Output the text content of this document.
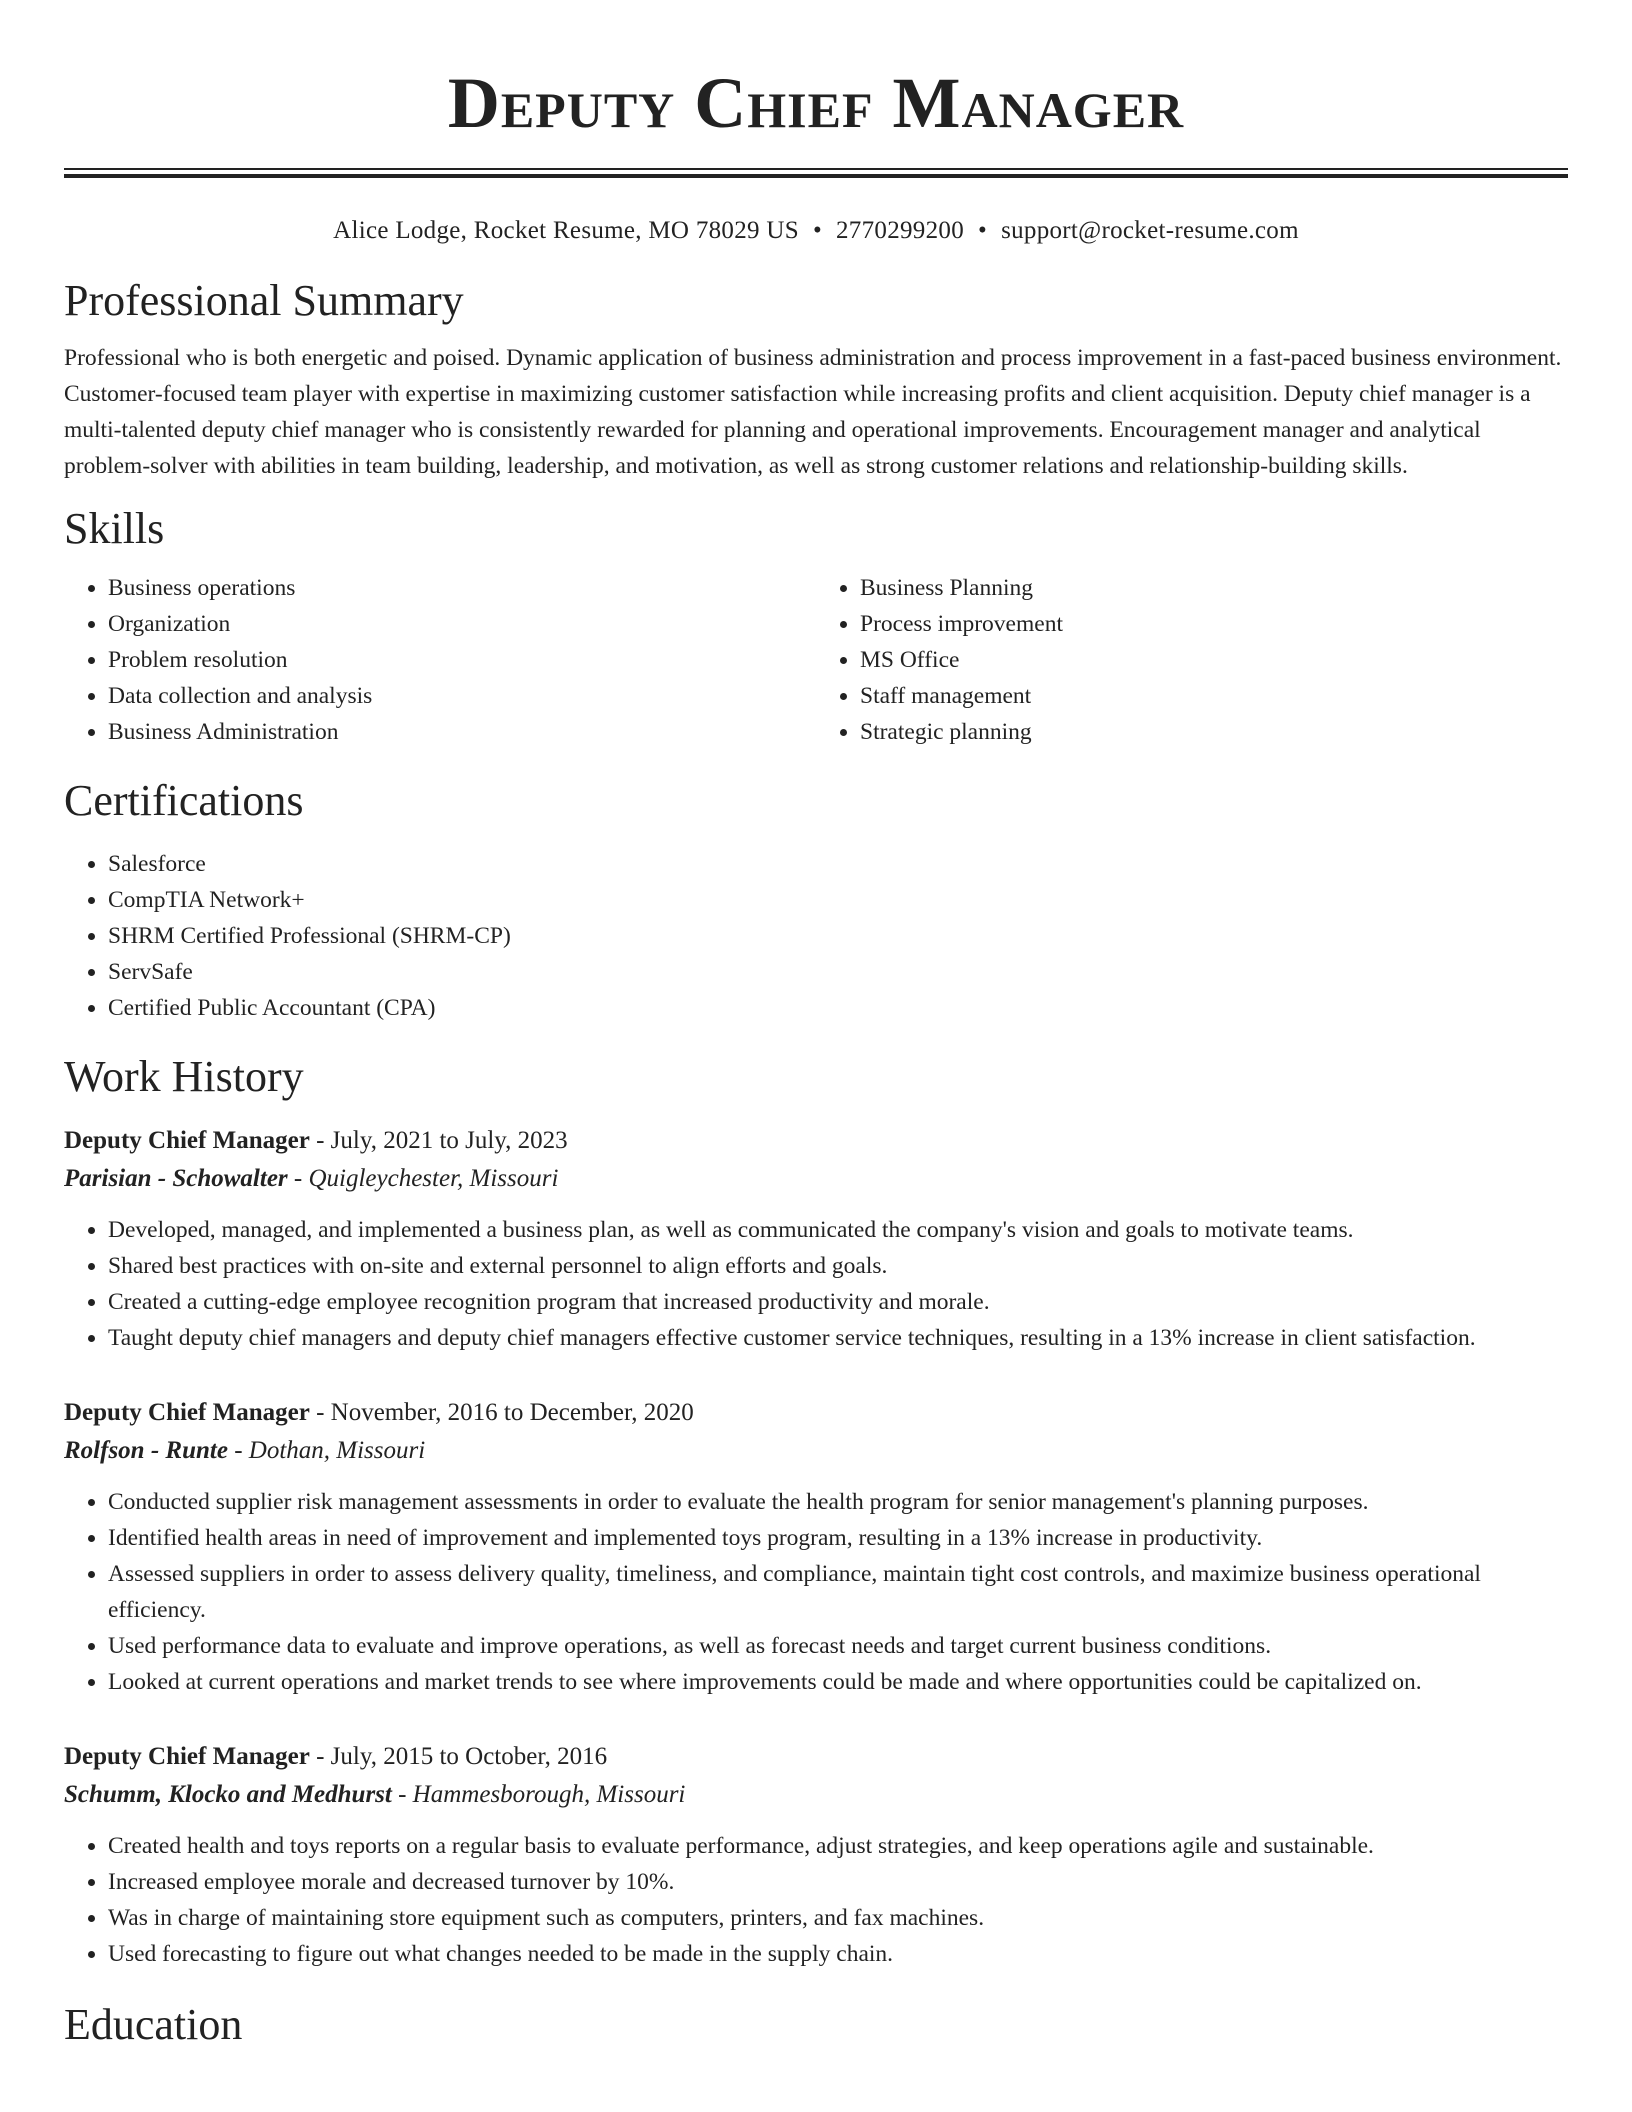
Deputy Chief Manager
Alice Lodge, Rocket Resume, MO 78029 US • 2770299200 • support@rocket-resume.com
Professional Summary

Professional who is both energetic and poised. Dynamic application of business administration and process improvement in a fast-paced business environment. Customer-focused team player with expertise in maximizing customer satisfaction while increasing profits and client acquisition. Deputy chief manager is a multi-talented deputy chief manager who is consistently rewarded for planning and operational improvements. Encouragement manager and analytical problem-solver with abilities in team building, leadership, and motivation, as well as strong customer relations and relationship-building skills.

Skills
• Business operations
• Organization
• Problem resolution
• Data collection and analysis
• Business Administration
• Business Planning
• Process improvement
• MS Office
• Staff management
• Strategic planning
Certifications
• Salesforce
• CompTIA Network+
• SHRM Certified Professional (SHRM-CP)
• ServSafe
• Certified Public Accountant (CPA)
Work History
Deputy Chief Manager - July, 2021 to July, 2023
Parisian - Schowalter - Quigleychester, Missouri
• Developed, managed, and implemented a business plan, as well as communicated the company's vision and goals to motivate teams.
• Shared best practices with on-site and external personnel to align efforts and goals.
• Created a cutting-edge employee recognition program that increased productivity and morale.
• Taught deputy chief managers and deputy chief managers effective customer service techniques, resulting in a 13% increase in client satisfaction.
Deputy Chief Manager - November, 2016 to December, 2020
Rolfson - Runte - Dothan, Missouri
• Conducted supplier risk management assessments in order to evaluate the health program for senior management's planning purposes.
• Identified health areas in need of improvement and implemented toys program, resulting in a 13% increase in productivity.
• Assessed suppliers in order to assess delivery quality, timeliness, and compliance, maintain tight cost controls, and maximize business operational efficiency.
• Used performance data to evaluate and improve operations, as well as forecast needs and target current business conditions.
• Looked at current operations and market trends to see where improvements could be made and where opportunities could be capitalized on.
Deputy Chief Manager - July, 2015 to October, 2016
Schumm, Klocko and Medhurst - Hammesborough, Missouri
• Created health and toys reports on a regular basis to evaluate performance, adjust strategies, and keep operations agile and sustainable.
• Increased employee morale and decreased turnover by 10%.
• Was in charge of maintaining store equipment such as computers, printers, and fax machines.
• Used forecasting to figure out what changes needed to be made in the supply chain.
Education
